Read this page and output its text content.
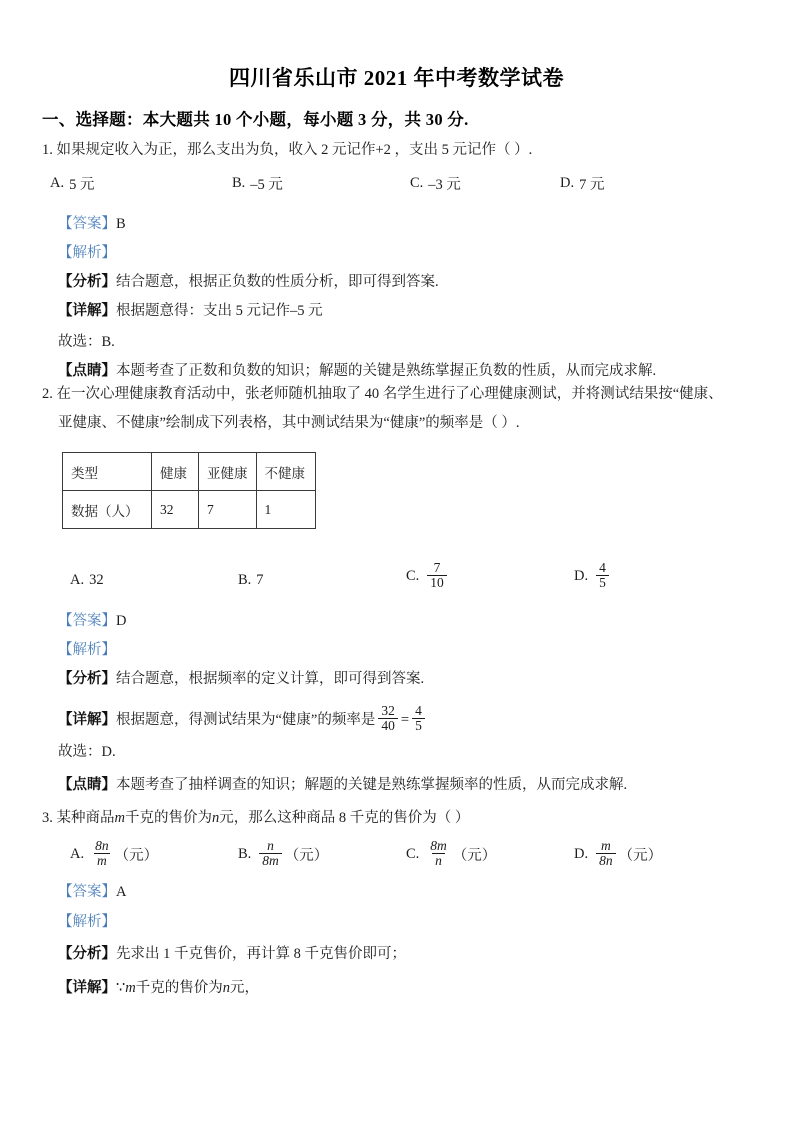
四川省乐山市 2021 年中考数学试卷
一、选择题：本大题共 10 个小题，每小题 3 分，共 30 分.
1. 如果规定收入为正，那么支出为负，收入 2 元记作+2 ，支出 5 元记作（ ）.
A. 5 元	B. –5 元	C. –3 元	D. 7 元
【答案】B
【解析】
【分析】结合题意，根据正负数的性质分析，即可得到答案.
【详解】根据题意得：支出 5 元记作–5 元
故选：B.
【点睛】本题考查了正数和负数的知识；解题的关键是熟练掌握正负数的性质，从而完成求解.
2. 在一次心理健康教育活动中，张老师随机抽取了 40 名学生进行了心理健康测试，并将测试结果按“健康、
亚健康、不健康”绘制成下列表格，其中测试结果为“健康”的频率是（ ）.
类型	健康	亚健康	不健康
数据（人）	32	7	1
A. 32	B. 7	C. $\frac{7}{10}$	D. $\frac{4}{5}$
【答案】D
【解析】
【分析】结合题意，根据频率的定义计算，即可得到答案.
【详解】 根据题意，得测试结果为“健康”的频率是 $\frac{32}{40} = \frac{4}{5}$
故选：D.
【点睛】本题考查了抽样调查的知识；解题的关键是熟练掌握频率的性质，从而完成求解.
3. 某种商品m千克的售价为n元，那么这种商品 8 千克的售价为（ ）
A. $\frac{8n}{m}$ （元）	B. $\frac{n}{8m}$ （元）	C. $\frac{8m}{n}$ （元）	D. $\frac{m}{8n}$ （元）
【答案】A
【解析】
【分析】先求出 1 千克售价，再计算 8 千克售价即可；
【详解】∵m千克的售价为n元，
